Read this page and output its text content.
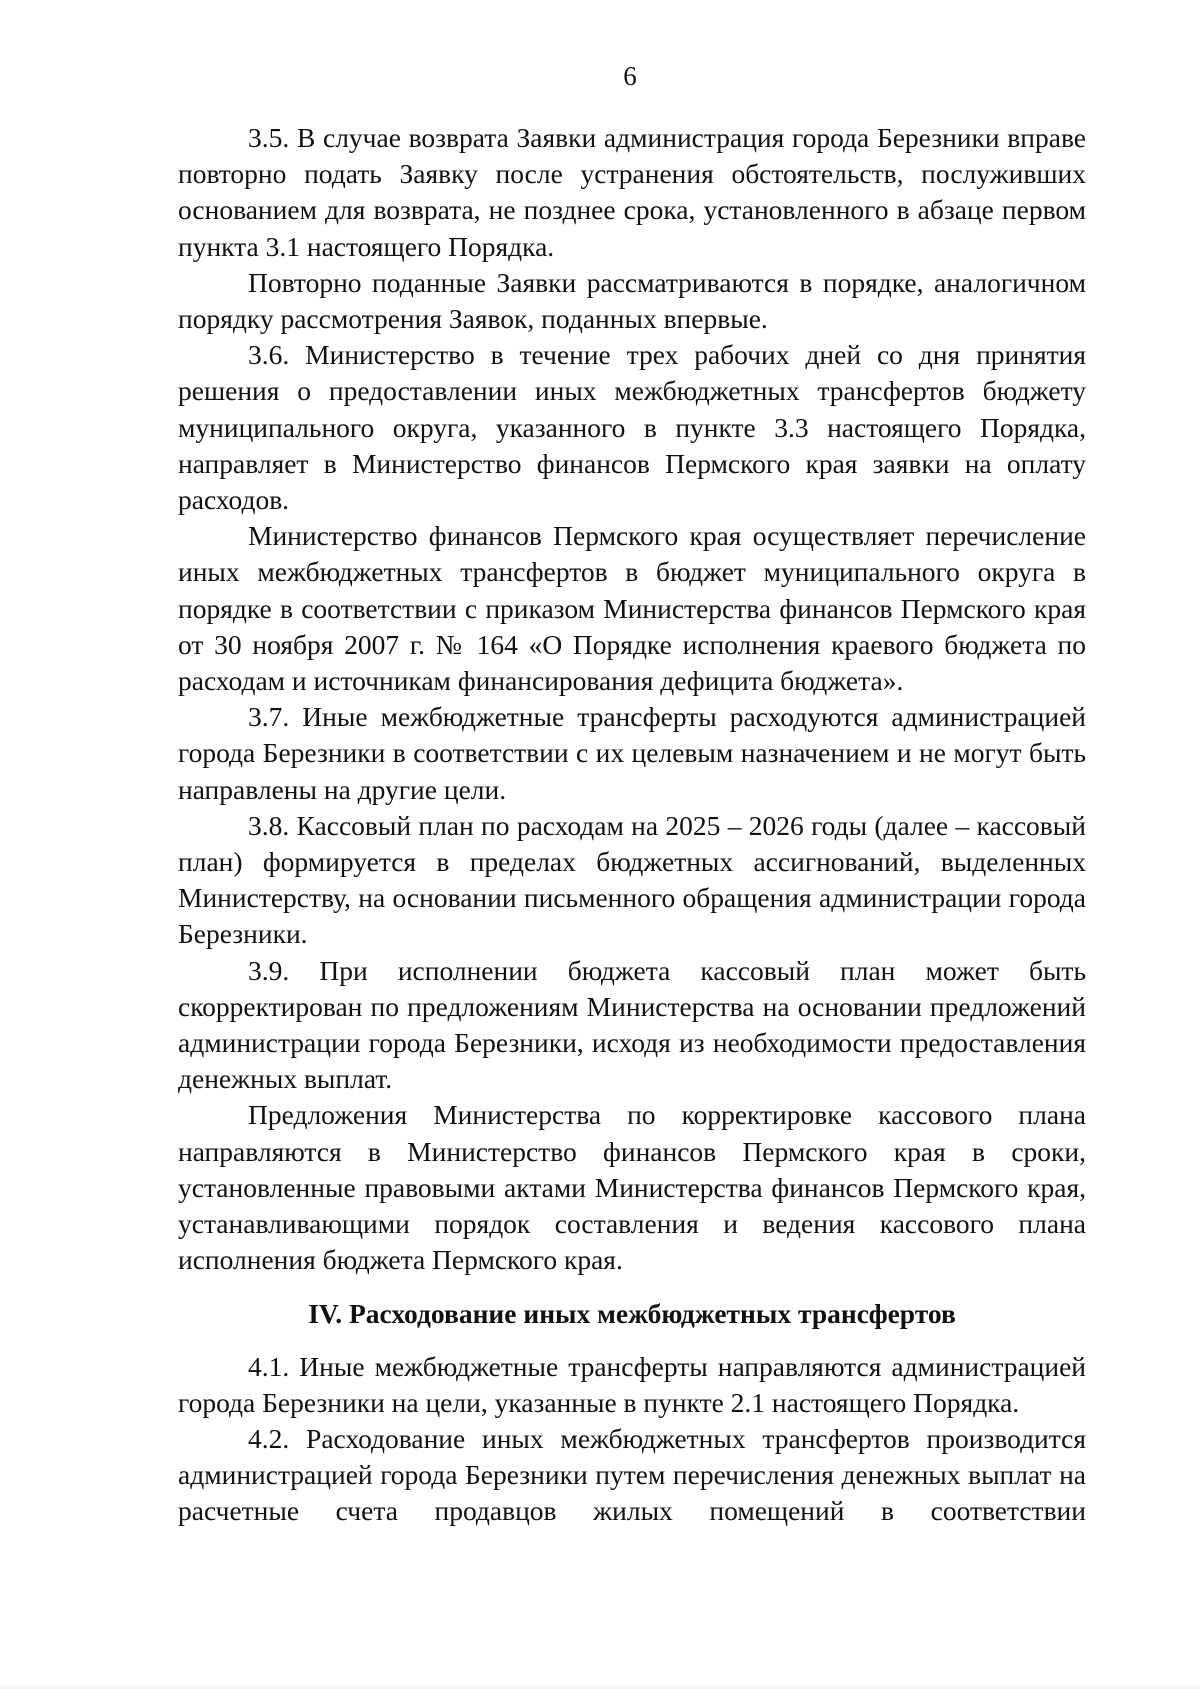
6

3.5. В случае возврата Заявки администрация города Березники вправе повторно подать Заявку после устранения обстоятельств, послуживших основанием для возврата, не позднее срока, установленного в абзаце первом пункта 3.1 настоящего Порядка.

Повторно поданные Заявки рассматриваются в порядке, аналогичном порядку рассмотрения Заявок, поданных впервые.

3.6. Министерство в течение трех рабочих дней со дня принятия решения о предоставлении иных межбюджетных трансфертов бюджету муниципального округа, указанного в пункте 3.3 настоящего Порядка, направляет в Министерство финансов Пермского края заявки на оплату расходов.

Министерство финансов Пермского края осуществляет перечисление иных межбюджетных трансфертов в бюджет муниципального округа в порядке в соответствии с приказом Министерства финансов Пермского края от 30 ноября 2007 г. № 164 «О Порядке исполнения краевого бюджета по расходам и источникам финансирования дефицита бюджета».

3.7. Иные межбюджетные трансферты расходуются администрацией города Березники в соответствии с их целевым назначением и не могут быть направлены на другие цели.

3.8. Кассовый план по расходам на 2025 – 2026 годы (далее – кассовый план) формируется в пределах бюджетных ассигнований, выделенных Министерству, на основании письменного обращения администрации города Березники.

3.9. При исполнении бюджета кассовый план может быть скорректирован по предложениям Министерства на основании предложений администрации города Березники, исходя из необходимости предоставления денежных выплат.

Предложения Министерства по корректировке кассового плана направляются в Министерство финансов Пермского края в сроки, установленные правовыми актами Министерства финансов Пермского края, устанавливающими порядок составления и ведения кассового плана исполнения бюджета Пермского края.

IV. Расходование иных межбюджетных трансфертов

4.1. Иные межбюджетные трансферты направляются администрацией города Березники на цели, указанные в пункте 2.1 настоящего Порядка.

4.2. Расходование иных межбюджетных трансфертов производится администрацией города Березники путем перечисления денежных выплат на расчетные счета продавцов жилых помещений в соответствии
